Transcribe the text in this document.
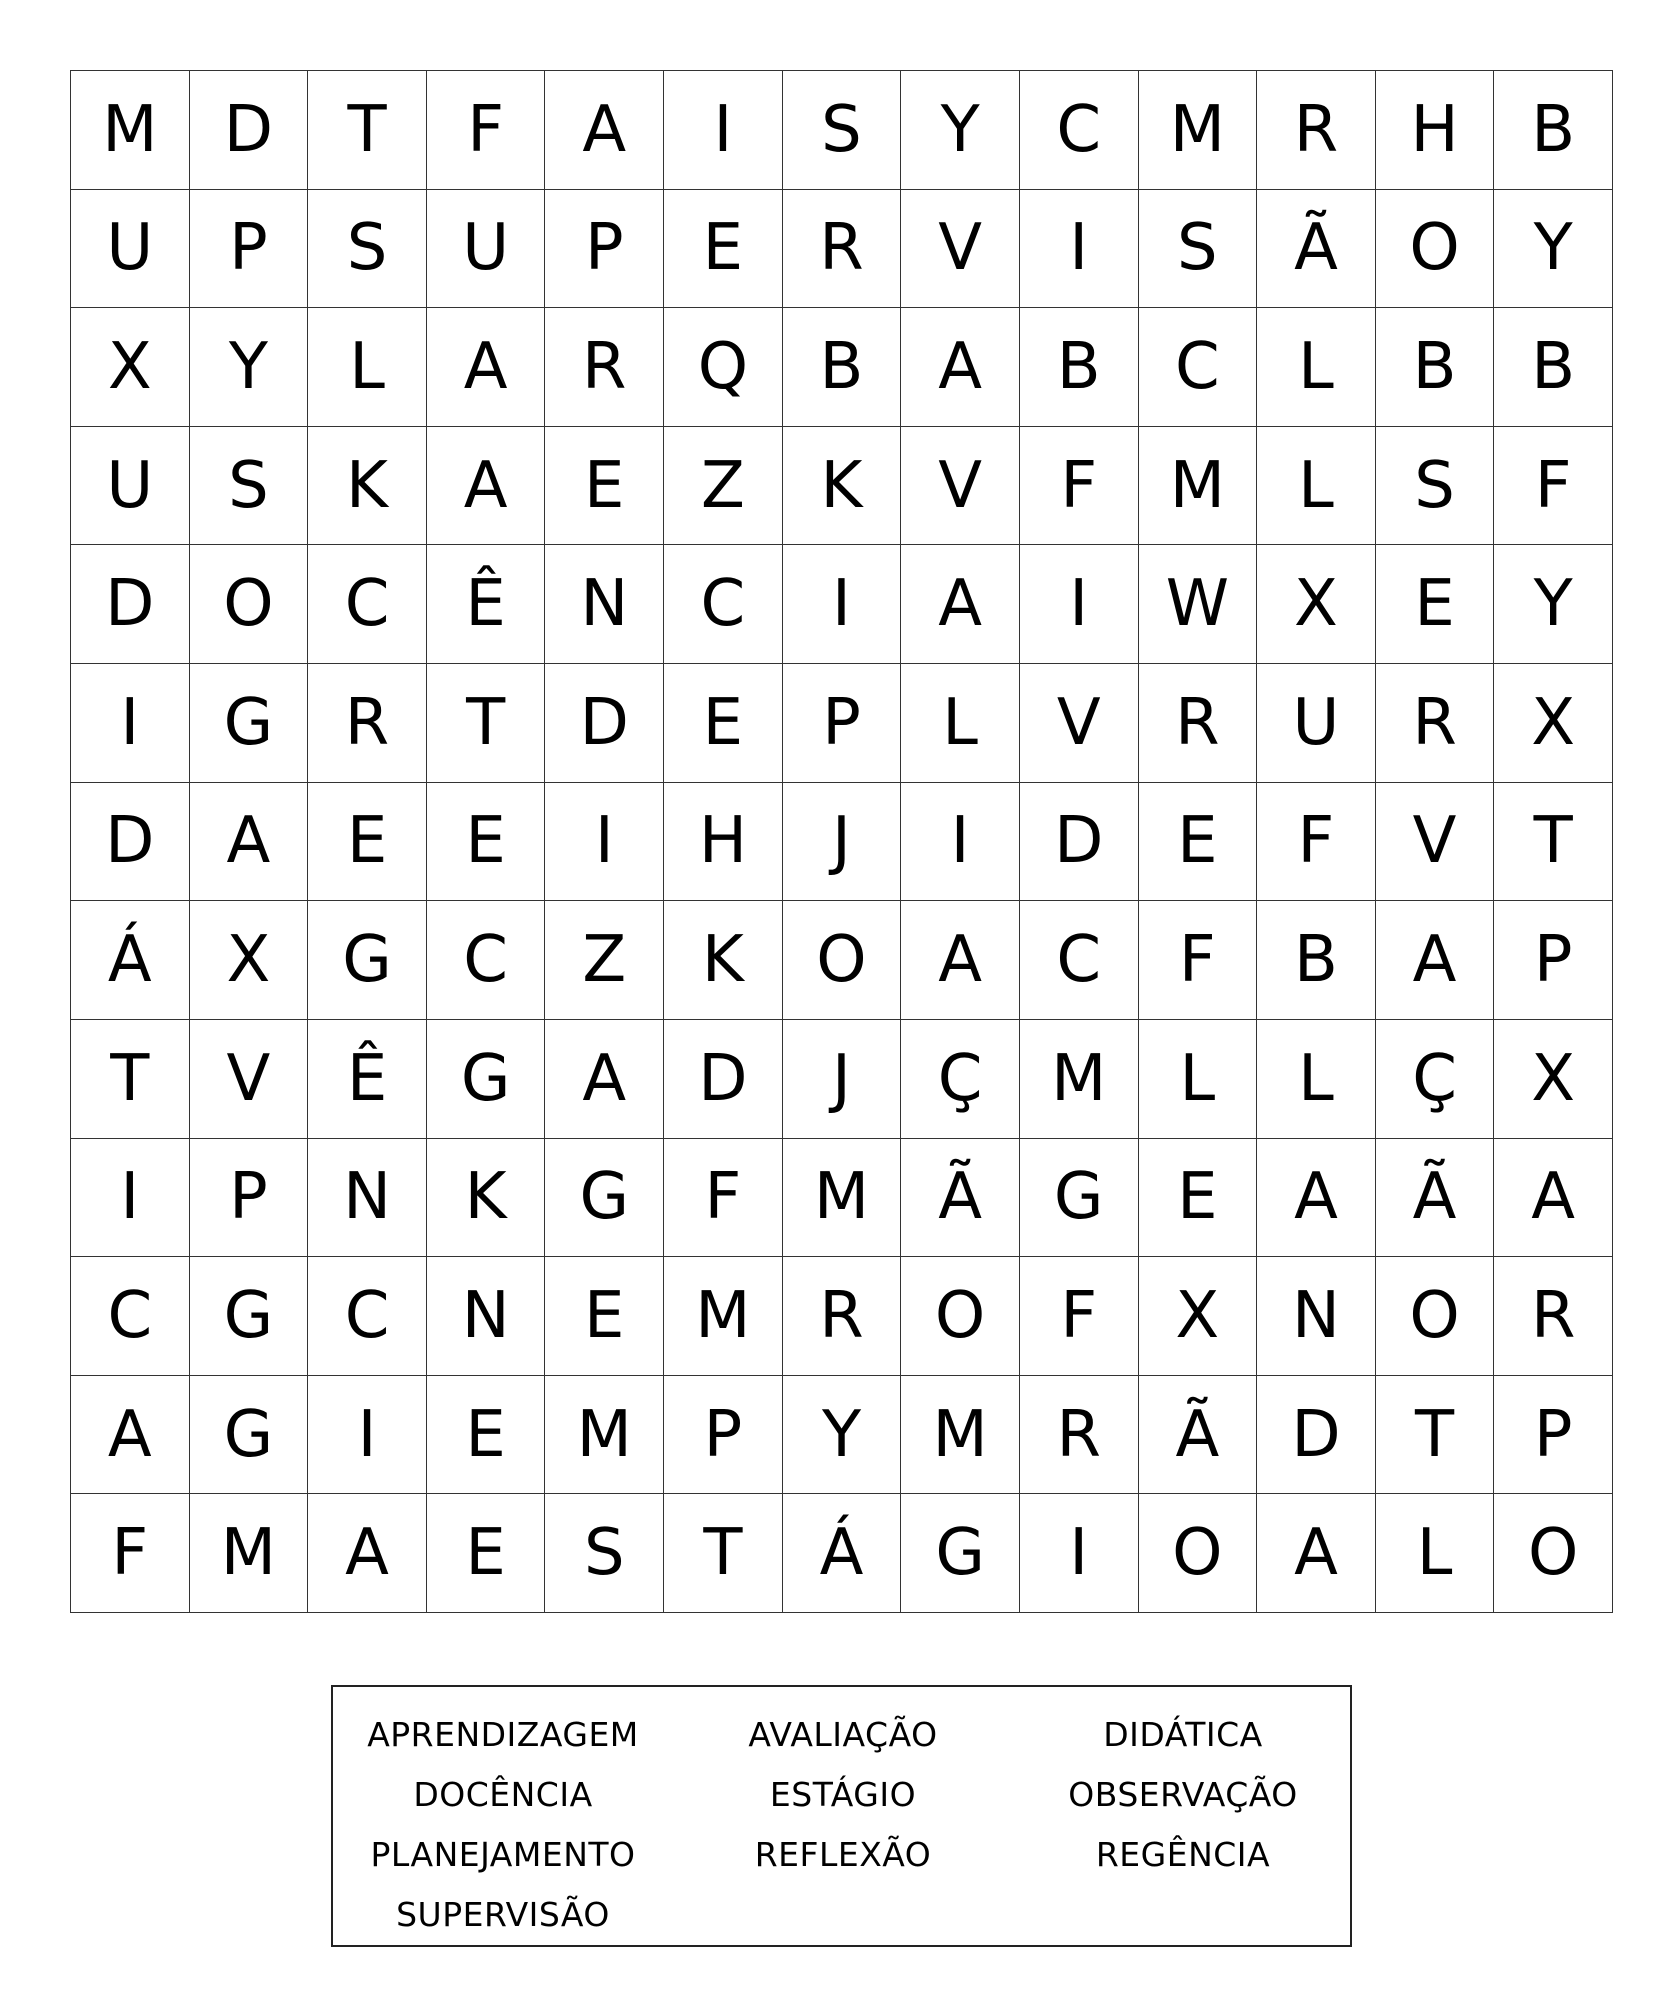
M	D	T	F	A	I	S	Y	C	M	R	H	B
U	P	S	U	P	E	R	V	I	S	Ã	O	Y
X	Y	L	A	R	Q	B	A	B	C	L	B	B
U	S	K	A	E	Z	K	V	F	M	L	S	F
D	O	C	Ê	N	C	I	A	I	W	X	E	Y
I	G	R	T	D	E	P	L	V	R	U	R	X
D	A	E	E	I	H	J	I	D	E	F	V	T
Á	X	G	C	Z	K	O	A	C	F	B	A	P
T	V	Ê	G	A	D	J	Ç	M	L	L	Ç	X
I	P	N	K	G	F	M	Ã	G	E	A	Ã	A
C	G	C	N	E	M	R	O	F	X	N	O	R
A	G	I	E	M	P	Y	M	R	Ã	D	T	P
F	M	A	E	S	T	Á	G	I	O	A	L	O
APRENDIZAGEM
DOCÊNCIA
PLANEJAMENTO
SUPERVISÃO
AVALIAÇÃO
ESTÁGIO
REFLEXÃO
DIDÁTICA
OBSERVAÇÃO
REGÊNCIA
